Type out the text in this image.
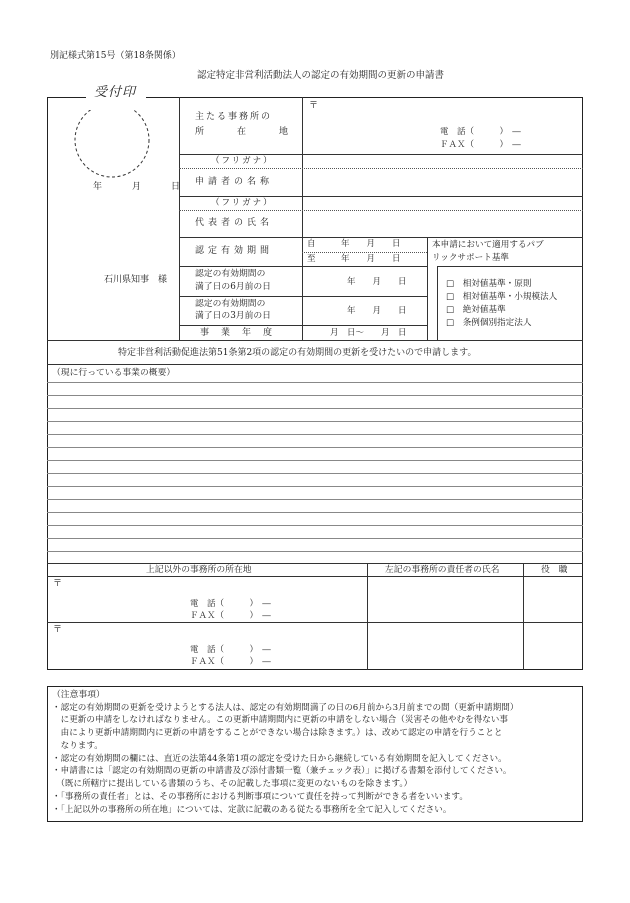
別記様式第15号（第18条関係）
認定特定非営利活動法人の認定の有効期間の更新の申請書
受付印
年　　月　　日
石川県知事　様
主たる事務所の
所　在　地
〒
電　話（　　　）　―
ＦＡＸ（　　　）　―
（フリガナ）
申請者の名称
（フリガナ）
代表者の氏名
認定有効期間
自　　　年　　月　　日
至　　　年　　月　　日
認定の有効期間の
満了日の6月前の日	年　　月　　日
認定の有効期間の
満了日の3月前の日	年　　月　　日
事業年度	月　日～　　月　日
本申請において適用するパブ
リックサポート基準
□　相対値基準・原則
□　相対値基準・小規模法人
□　絶対値基準
□　条例個別指定法人
特定非営利活動促進法第51条第2項の認定の有効期間の更新を受けたいので申請します。
（現に行っている事業の概要）
上記以外の事務所の所在地	左記の事務所の責任者の氏名	役　職
〒
電　話（　　　）　―
ＦＡＸ（　　　）　―
〒
電　話（　　　）　―
ＦＡＸ（　　　）　―
（注意事項）
・認定の有効期間の更新を受けようとする法人は、認定の有効期間満了の日の6月前から3月前までの間（更新申請期間）
　に更新の申請をしなければなりません。この更新申請期間内に更新の申請をしない場合（災害その他やむを得ない事
　由により更新申請期間内に更新の申請をすることができない場合は除きます。）は、改めて認定の申請を行うことと
　なります。
・認定の有効期間の欄には、直近の法第44条第1項の認定を受けた日から継続している有効期間を記入してください。
・申請書には「認定の有効期間の更新の申請書及び添付書類一覧（兼チェック表）」に掲げる書類を添付してください。
　（既に所轄庁に提出している書類のうち、その記載した事項に変更のないものを除きます。）
・「事務所の責任者」とは、その事務所における判断事項について責任を持って判断ができる者をいいます。
・「上記以外の事務所の所在地」については、定款に記載のある従たる事務所を全て記入してください。
